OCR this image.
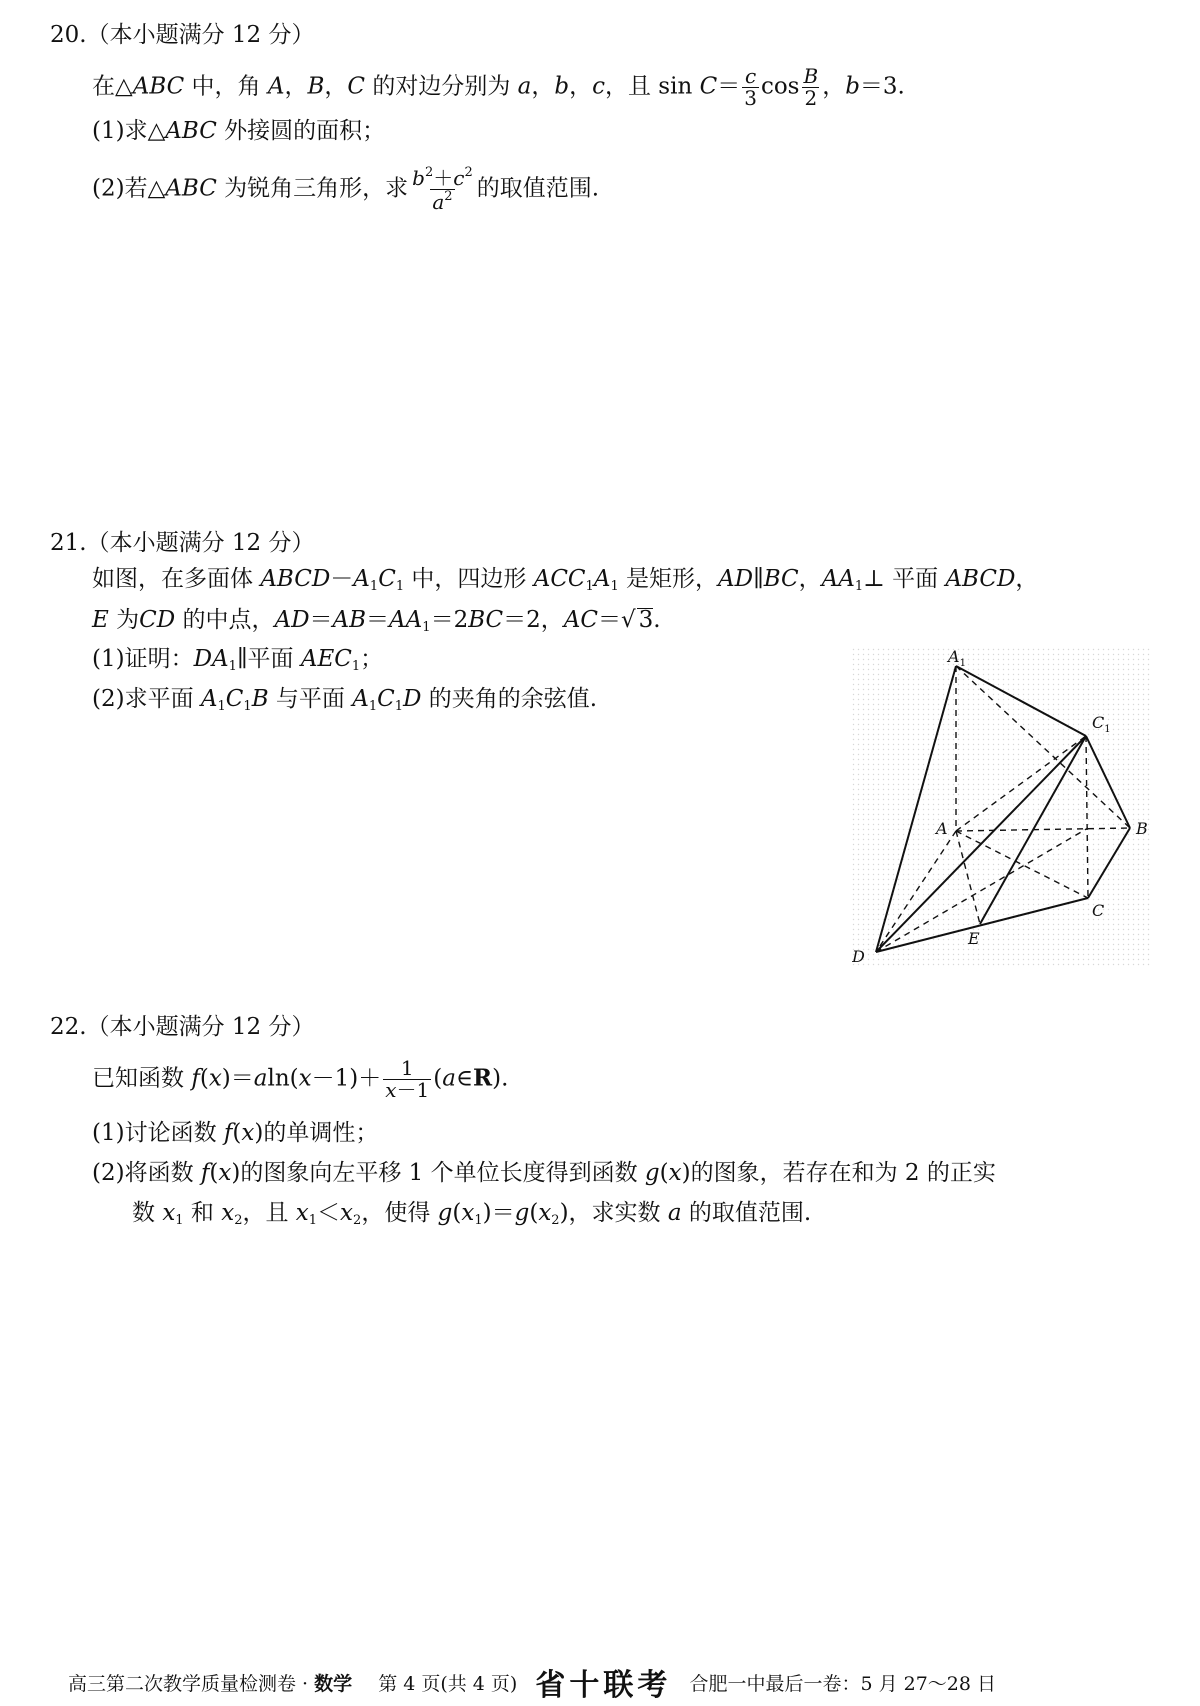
20.（本小题满分 12 分）
在△ABC 中，角 A，B，C 的对边分别为 a，b，c，且 $\sin C= \frac{c}{3}$ $\cos \frac{B}{2}$ ，b＝3.
(1)求△ABC 外接圆的面积；
(2)若△ABC 为锐角三角形，求 $\frac{b^2+c^2}{a^2}$ 的取值范围.
21.（本小题满分 12 分）
如图，在多面体 $ABCD-A_1C_1$ 中，四边形 $ACC_1A_1$ 是矩形，AD∥BC，$AA_1\perp$ 平面 ABCD，
E 为CD 的中点，$AD=AB=AA_1=2BC=2$，AC＝√ 3.
(1)证明：$DA_1\parallel$平面 $AEC_1$；
(2)求平面 $A_1C_1B$ 与平面 $A_1C_1D$ 的夹角的余弦值.
$A_1$
$C_1$
A	B
C
D
E
22.（本小题满分 12 分）
已知函数 $f(x)=aln(x-1)+ \frac{1}{x-1}$ (a∈R).
(1)讨论函数 f(x)的单调性；
(2)将函数 f(x)的图象向左平移 1 个单位长度得到函数 g(x)的图象，若存在和为 2 的正实
数 $x_1$ 和 $x_2$，且 $x_1<x_2$，使得 $g(x_1)=g(x_2)$，求实数 a 的取值范围.
高三第二次教学质量检测卷 · 数学 第 4 页(共 4 页) 省十联考 合肥一中最后一卷：5 月 27～28 日
